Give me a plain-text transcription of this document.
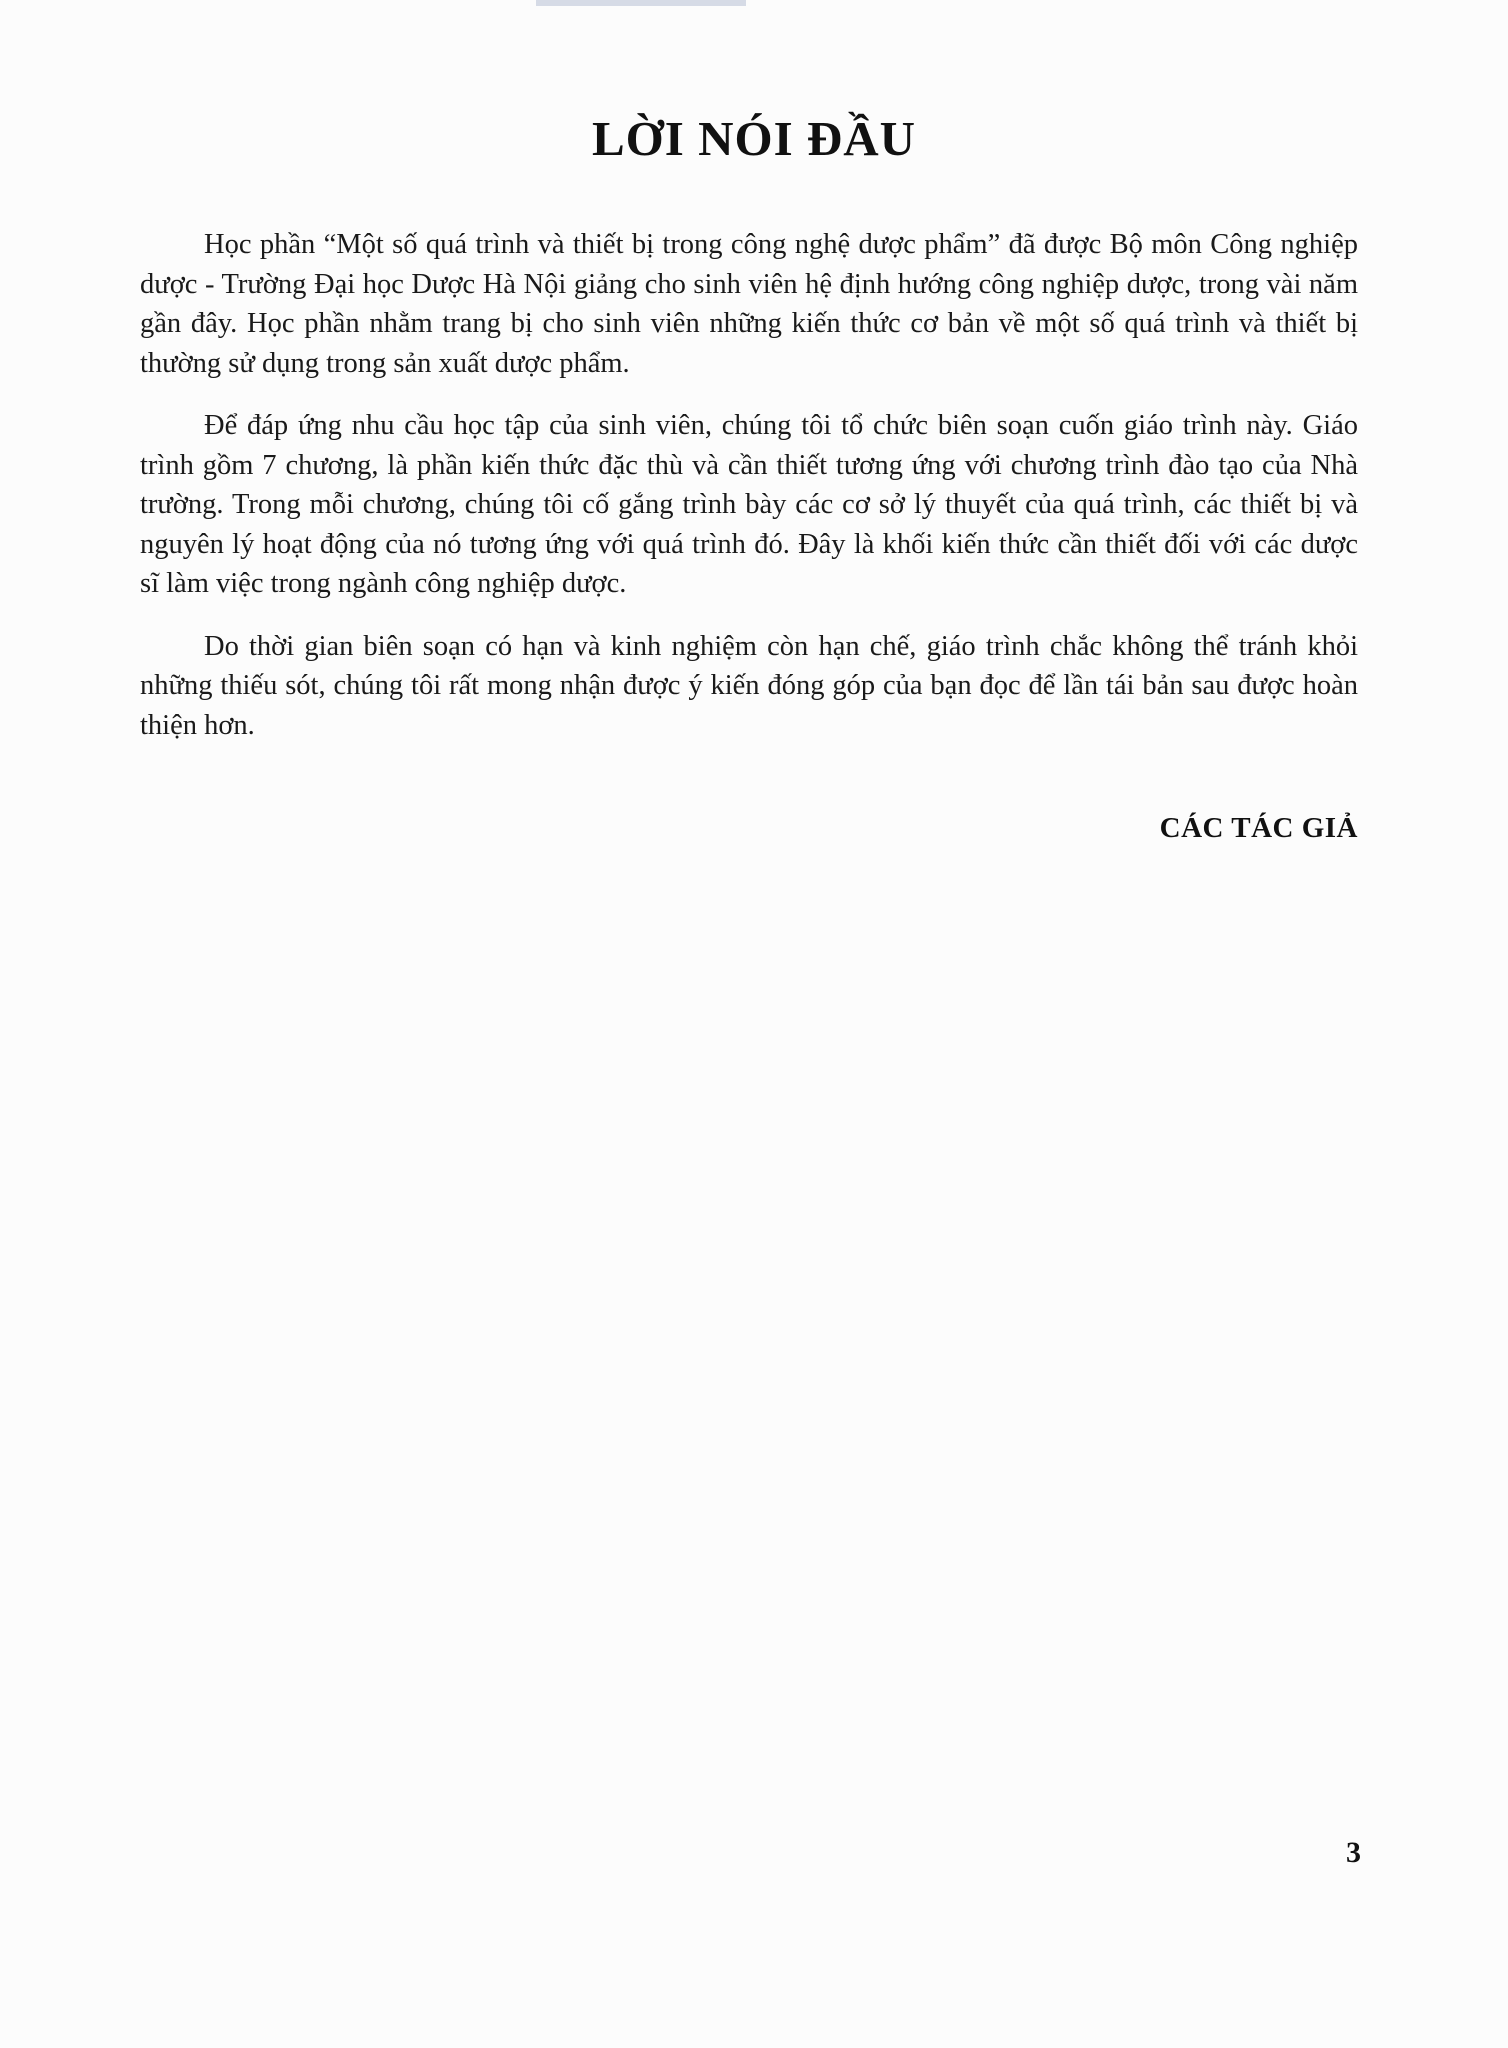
LỜI NÓI ĐẦU

Học phần “Một số quá trình và thiết bị trong công nghệ dược phẩm” đã được Bộ môn Công nghiệp dược - Trường Đại học Dược Hà Nội giảng cho sinh viên hệ định hướng công nghiệp dược, trong vài năm gần đây. Học phần nhằm trang bị cho sinh viên những kiến thức cơ bản về một số quá trình và thiết bị thường sử dụng trong sản xuất dược phẩm.

Để đáp ứng nhu cầu học tập của sinh viên, chúng tôi tổ chức biên soạn cuốn giáo trình này. Giáo trình gồm 7 chương, là phần kiến thức đặc thù và cần thiết tương ứng với chương trình đào tạo của Nhà trường. Trong mỗi chương, chúng tôi cố gắng trình bày các cơ sở lý thuyết của quá trình, các thiết bị và nguyên lý hoạt động của nó tương ứng với quá trình đó. Đây là khối kiến thức cần thiết đối với các dược sĩ làm việc trong ngành công nghiệp dược.

Do thời gian biên soạn có hạn và kinh nghiệm còn hạn chế, giáo trình chắc không thể tránh khỏi những thiếu sót, chúng tôi rất mong nhận được ý kiến đóng góp của bạn đọc để lần tái bản sau được hoàn thiện hơn.

CÁC TÁC GIẢ
3
